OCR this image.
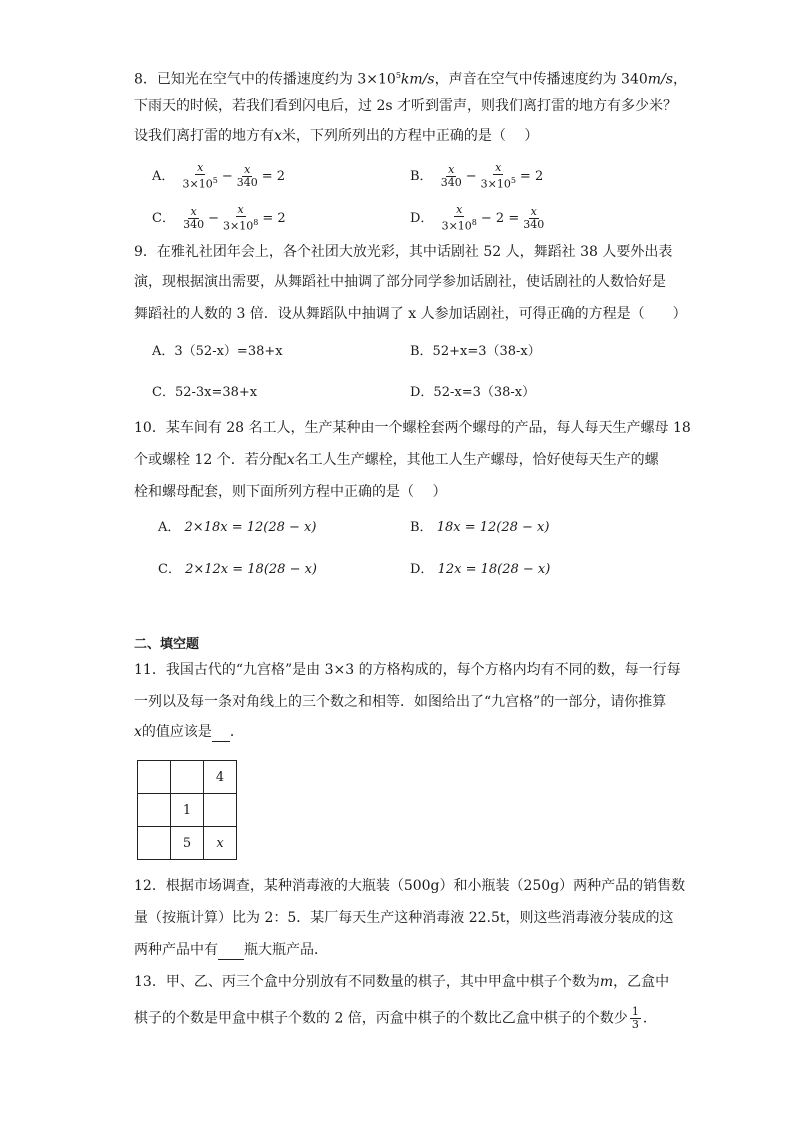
8．已知光在空气中的传播速度约为 $3\times 10^5km/s$，声音在空气中传播速度约为 340m/s，
下雨天的时候，若我们看到闪电后，过 2s 才听到雷声，则我们离打雷的地方有多少米？
设我们离打雷的地方有x米，下列所列出的方程中正确的是（　 ）
A． $\frac{x}{3\times 10^5} - \frac{x}{340} = 2$	B． $\frac{x}{340} - \frac{x}{3\times 10^5} = 2$
C． $\frac{x}{340} - \frac{x}{3\times 10^8} = 2$	D． $\frac{x}{3\times 10^8} - 2 = \frac{x}{340}$
9．在雅礼社团年会上，各个社团大放光彩，其中话剧社 52 人，舞蹈社 38 人要外出表
演，现根据演出需要，从舞蹈社中抽调了部分同学参加话剧社，使话剧社的人数恰好是
舞蹈社的人数的 3 倍．设从舞蹈队中抽调了 x 人参加话剧社，可得正确的方程是（　　）
A．3（52-x）=38+x	B．52+x=3（38-x）
C．52-3x=38+x	D．52-x=3（38-x）
10．某车间有 28 名工人，生产某种由一个螺栓套两个螺母的产品，每人每天生产螺母 18
个或螺栓 12 个．若分配x名工人生产螺栓，其他工人生产螺母，恰好使每天生产的螺
栓和螺母配套，则下面所列方程中正确的是（　 ）
A． 2×18x = 12(28 − x)	B． 18x = 12(28 − x)
C． 2×12x = 18(28 − x)	D． 12x = 18(28 − x)
二、填空题
11．我国古代的“九宫格”是由 3×3 的方格构成的，每个方格内均有不同的数，每一行每
一列以及每一条对角线上的三个数之和相等．如图给出了“九宫格”的一部分，请你推算
x的值应该是 ．
		4
	1	
	5	x
12．根据市场调查，某种消毒液的大瓶装（500g）和小瓶装（250g）两种产品的销售数
量（按瓶计算）比为 2：5．某厂每天生产这种消毒液 22.5t，则这些消毒液分装成的这
两种产品中有 瓶大瓶产品．
13．甲、乙、丙三个盒中分别放有不同数量的棋子，其中甲盒中棋子个数为m，乙盒中
棋子的个数是甲盒中棋子个数的 2 倍，丙盒中棋子的个数比乙盒中棋子的个数少 $\frac{1}{3}$ ．
